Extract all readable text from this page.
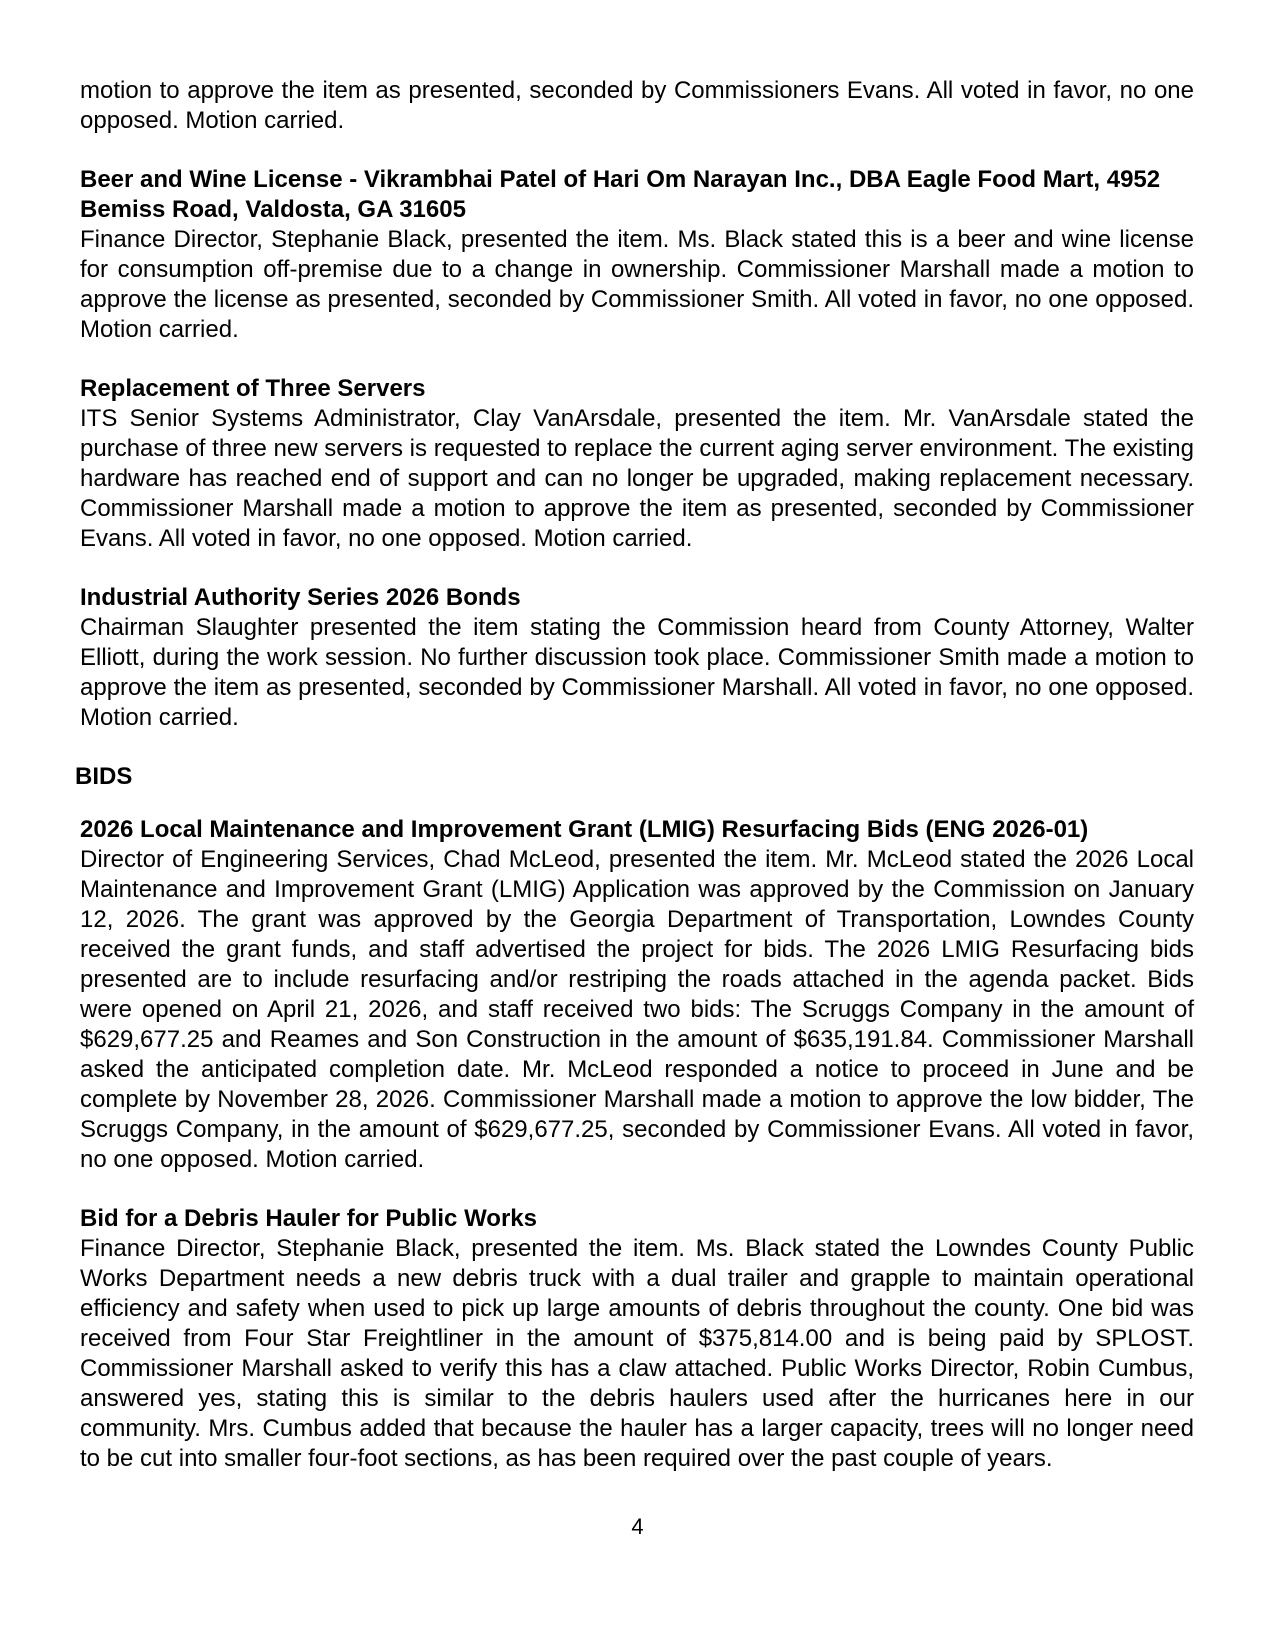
motion to approve the item as presented, seconded by Commissioners Evans. All voted in favor, no one opposed. Motion carried.

Beer and Wine License - Vikrambhai Patel of Hari Om Narayan Inc., DBA Eagle Food Mart, 4952 Bemiss Road, Valdosta, GA 31605

Finance Director, Stephanie Black, presented the item. Ms. Black stated this is a beer and wine license for consumption off-premise due to a change in ownership. Commissioner Marshall made a motion to approve the license as presented, seconded by Commissioner Smith. All voted in favor, no one opposed. Motion carried.

Replacement of Three Servers

ITS Senior Systems Administrator, Clay VanArsdale, presented the item. Mr. VanArsdale stated the purchase of three new servers is requested to replace the current aging server environment. The existing hardware has reached end of support and can no longer be upgraded, making replacement necessary. Commissioner Marshall made a motion to approve the item as presented, seconded by Commissioner Evans. All voted in favor, no one opposed. Motion carried.

Industrial Authority Series 2026 Bonds

Chairman Slaughter presented the item stating the Commission heard from County Attorney, Walter Elliott, during the work session. No further discussion took place. Commissioner Smith made a motion to approve the item as presented, seconded by Commissioner Marshall. All voted in favor, no one opposed. Motion carried.

BIDS

2026 Local Maintenance and Improvement Grant (LMIG) Resurfacing Bids (ENG 2026-01)

Director of Engineering Services, Chad McLeod, presented the item. Mr. McLeod stated the 2026 Local Maintenance and Improvement Grant (LMIG) Application was approved by the Commission on January 12, 2026. The grant was approved by the Georgia Department of Transportation, Lowndes County received the grant funds, and staff advertised the project for bids. The 2026 LMIG Resurfacing bids presented are to include resurfacing and/or restriping the roads attached in the agenda packet. Bids were opened on April 21, 2026, and staff received two bids: The Scruggs Company in the amount of $629,677.25 and Reames and Son Construction in the amount of $635,191.84. Commissioner Marshall asked the anticipated completion date. Mr. McLeod responded a notice to proceed in June and be complete by November 28, 2026. Commissioner Marshall made a motion to approve the low bidder, The Scruggs Company, in the amount of $629,677.25, seconded by Commissioner Evans. All voted in favor, no one opposed. Motion carried.

Bid for a Debris Hauler for Public Works

Finance Director, Stephanie Black, presented the item. Ms. Black stated the Lowndes County Public Works Department needs a new debris truck with a dual trailer and grapple to maintain operational efficiency and safety when used to pick up large amounts of debris throughout the county. One bid was received from Four Star Freightliner in the amount of $375,814.00 and is being paid by SPLOST. Commissioner Marshall asked to verify this has a claw attached. Public Works Director, Robin Cumbus, answered yes, stating this is similar to the debris haulers used after the hurricanes here in our community. Mrs. Cumbus added that because the hauler has a larger capacity, trees will no longer need to be cut into smaller four-foot sections, as has been required over the past couple of years.

4
